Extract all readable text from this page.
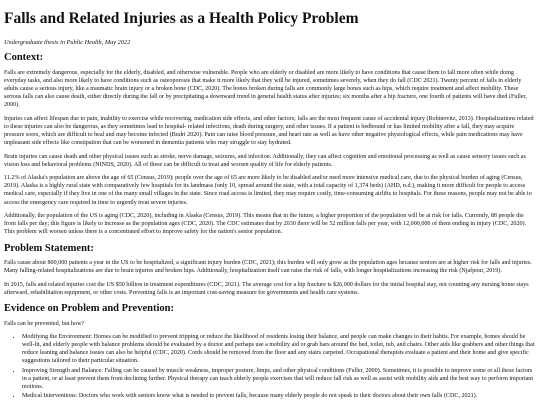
Falls and Related Injuries as a Health Policy Problem
Undergraduate thesis in Public Health, May 2022
Context:

Falls are extremely dangerous, especially for the elderly, disabled, and otherwise vulnerable. People who are elderly or disabled are more likely to have conditions that cause them to fall more often while doing everyday tasks, and also more likely to have conditions such as osteoporosis that make it more likely that they will be injured, sometimes severely, when they do fall (CDC 2021). Twenty percent of falls in elderly adults cause a serious injury, like a traumatic brain injury or a broken bone (CDC, 2020). The bones broken during falls are commonly large bones such as hips, which require treatment and affect mobility. These serious falls can also cause death, either directly during the fall or by precipitating a downward trend in general health status after injuries; six months after a hip fracture, one fourth of patients will have died (Fuller, 2000).

Injuries can affect lifespan due to pain, inability to exercise while recovering, medication side effects, and other factors; falls are the most frequent cause of accidental injury (Robinovitz, 2013). Hospitalizations related to these injuries can also be dangerous, as they sometimes lead to hospital- related infections, death during surgery, and other issues. If a patient is bedbound or has limited mobility after a fall, they may acquire pressure sores, which are difficult to heal and may become infected (Budri 2020). Pain can raise blood pressure, and heart rate as well as have other negative physiological effects, while pain medications may have unpleasant side effects like constipation that can be worsened in dementia patients who may struggle to stay hydrated.

Brain injuries can cause death and other physical issues such as stroke, nerve damage, seizures, and infection. Additionally, they can affect cognition and emotional processing as well as cause sensory issues such as vision loss and behavioral problems (NINDS, 2020). All of these can be difficult to treat and worsen quality of life for elderly patients.

11.2% of Alaska's population are above the age of 65 (Census, 2019); people over the age of 65 are more likely to be disabled and/or need more intensive medical care, due to the physical burden of aging (Census, 2019). Alaska is a highly rural state with comparatively few hospitals for its landmass (only 10, spread around the state, with a total capacity of 1,374 beds) (AHD, n.d.), making it more difficult for people to access medical care, especially if they live in one of the many small villages in the state. Since road access is limited, they may require costly, time-consuming airlifts to hospitals. For these reasons, people may not be able to access the emergency care required in time to urgently treat severe injuries.

Additionally, the population of the US is aging (CDC, 2020), including in Alaska (Census, 2019). This means that in the future, a higher proportion of the population will be at risk for falls. Currently, 88 people die from falls per day; this figure is likely to increase as the population ages (CDC, 2020). The CDC estimates that by 2030 there will be 52 million falls per year, with 12,000,000 of them ending in injury (CDC, 2020). This problem will worsen unless there is a concentrated effort to improve safety for the nation's senior population.

Problem Statement:

Falls cause about 800,000 patients a year in the US to be hospitalized, a significant injury burden (CDC, 2021); this burden will only grow as the population ages because seniors are at higher risk for falls and injuries. Many falling-related hospitalizations are due to brain injuries and broken hips. Additionally, hospitalization itself can raise the risk of falls, with longer hospitalizations increasing the risk (Njafpour, 2019).

In 2015, falls and related injuries cost the US $50 billion in treatment expenditures (CDC, 2021). The average cost for a hip fracture is $26,000 dollars for the initial hospital stay, not counting any nursing home stays afterward, rehabilitation equipment, or other costs. Preventing falls is an important cost-saving measure for governments and health care systems.

Evidence on Problem and Prevention:

Falls can be prevented, but how?

• Modifying the Environment: Homes can be modified to prevent tripping or reduce the likelihood of residents losing their balance, and people can make changes to their habits. For example, homes should be well-lit, and elderly people with balance problems should be evaluated by a doctor and perhaps use a mobility aid or grab bars around the bed, toilet, tub, and chairs. Other aids like grabbers and other things that reduce leaning and balance issues can also be helpful (CDC, 2020). Cords should be removed from the floor and any stairs carpeted. Occupational therapists evaluate a patient and their home and give specific suggestions tailored to their particular situation.
• Improving Strength and Balance: Falling can be caused by muscle weakness, improper posture, limps, and other physical conditions (Fuller, 2000). Sometimes, it is possible to improve some or all these factors in a patient, or at least prevent them from declining further. Physical therapy can teach elderly people exercises that will reduce fall risk as well as assist with mobility aids and the best way to perform important motions.
• Medical Interventions: Doctors who work with seniors know what is needed to prevent falls, because many elderly people do not speak to their doctors about their own falls (CDC, 2021).
